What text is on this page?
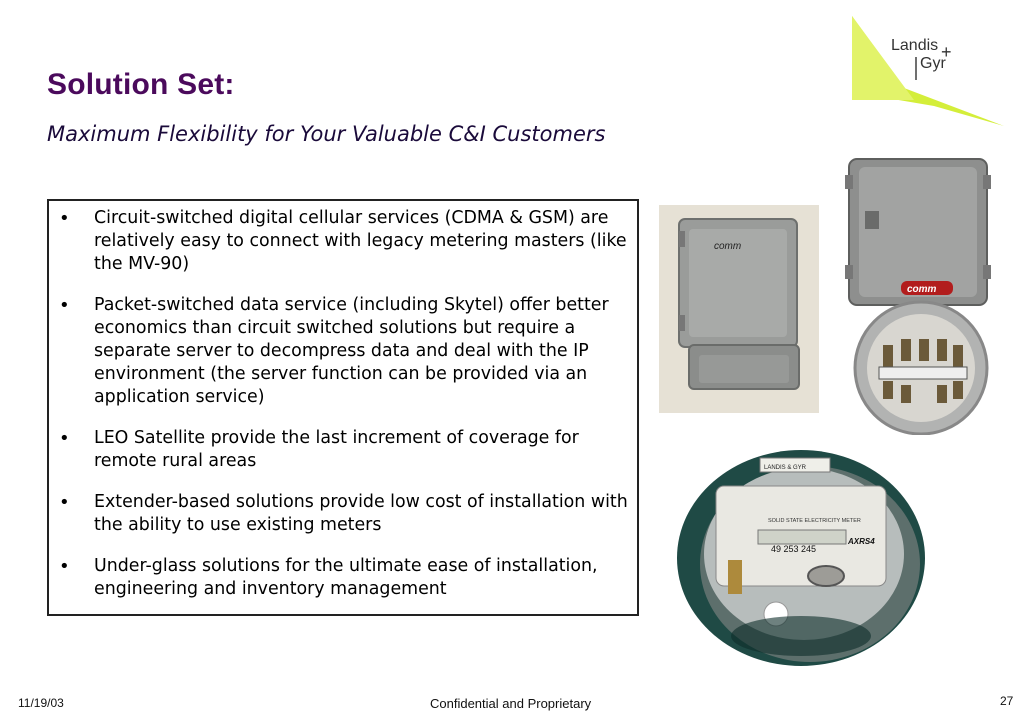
Landis
Gyr
+
Solution Set:
Maximum Flexibility for Your Valuable C&I Customers
• Circuit-switched digital cellular services (CDMA & GSM) are relatively easy to connect with legacy metering masters (like the MV-90)
• Packet-switched data service (including Skytel) offer better economics than circuit switched solutions but require a separate server to decompress data and deal with the IP environment (the server function can be provided via an application service)
• LEO Satellite provide the last increment of coverage for remote rural areas
• Extender-based solutions provide low cost of installation with the ability to use existing meters
• Under-glass solutions for the ultimate ease of installation, engineering and inventory management
comm
comm
LANDIS & GYR
SOLID STATE ELECTRICITY METER
49 253 245
AXRS4
11/19/03	Confidential and Proprietary	27
